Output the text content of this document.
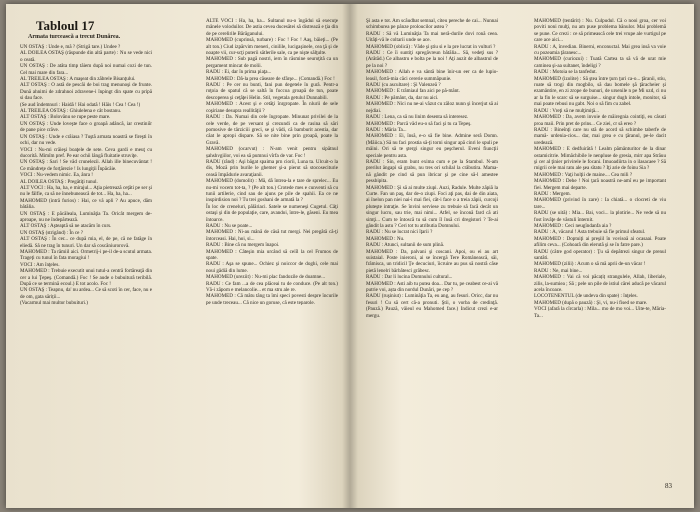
Tabloul 17
Armata turcească a trecut Dunărea.

UN OSTAŞ : Unde e, mă ? (Strigă tare.) Undee ?

AL DOILEA OSTAŞ (răspunde din altă parte) : Nu se vede nici o ceată.

UN OSTAŞ : De atâta timp tăiem după noi numai cozi de tun. Cel mai mare din fara...

AL TREILEA OSTAŞ : A maşeat din zăbrele Bisanţului.

ALT OSTAŞ : O astă de pescăi de boi trag menunoşi de frunte. Dună ahnimi de zdrahnoi zdravene-i înpingt din spate cu pripă si dau face.

(Se aud îndemnuri : Haidă ! Hai odată ! Hăis ! Cea ! Cea !)

AL TREILEA OSTAŞ : Ghiulelena e cât bostanu.

ALT OSTAŞ : Bolovănu se rupe peste mare.

UN OSTAŞ : Unde loveşte face o groapă adâncă, iar crestiniîr de pane pice crăve.

UN OSTAŞ : Unde e crăiasa ? Tuştă armata noastră se fireşti în ochi, dar nu vede.

VOCI : Nu-mi crăieşi boaţele de sete. Ceva gardi e meuţ cu ducorită. Mimîm pref. Pe ear ochii lângă fluitatie struviţe.

UN OSTAŞ : Sari ! Se văd crunelezii. Allah ille binecuvântat ! Ce mândreţe de forţărezie ! Is lungiţii Înpăcăie.

VOCI : Nu-vedem nimic. Ea, ânra !

AL DOILEA OSTAŞ : Pregătiţi tunul.

ALT VOCI : Ha, ha, ha, e mirajul... Aţia pietrează ceţâti pe ser şi nu le fâlfie, ca să ne înnebunească de tot... Ha, ha, ha...

MAHOMED (intră furios) : Hai, ce vă apli ? Au apuce, dăm bătălia.

UN OSTAŞ : E păcăleala, Luminăţia Ta. Oricât mergem de-aproape, nu ne îndepărtează.

ALT OSTAŞ : Aşteaptă să ne atacăm în curs.

UN OSTAŞ (strigând) : În ce ?

ALT OSTAŞ : În cer... ce după mia, el, de pe, că ne fatăge în eliedă. Să ne trag în tunuri. Un dar să coscăniurorovă.

MAHOMED : Ta rămiil aici. Ormetrij-i pe-il de-a scutul armata. Trageţi cu tunul în fata moragiui !

VOCI : Am înţeles.

MAHOMED : Trebuie executit unui tutul-a centră fortăreaţă din cer a lui Ţepeş. (Comandă.) Foc ! Se aude o bubuitură teribilă. După ce se termină ecoul.) E tot acolo. Foc !

UN OSTAŞ : Teapnu, da' nu ardea... Ce să scoti în cer, face, nu e de om, gata săriții...

(Vacarmul mai multor bubuituri.)

ALTE VOCI : Ha, ha, ha... Sultanul nu-o îngădui să execuţe mânele voloduilor. De astia cevea ducesătei să distrează e ţia din de pe cerelirile Bărăganului.

MAHOMED (cuprinsă, turbare) : Foc ! Foc ! Aaş, băieţi... (Pe alt ton.) Ciud izpărvim meneri, cinilile, lucigaşinele, cea ţă şi de noapte vii, cur-scţi puterii sătlerile sale, ca pe nişte sălţulte.

MAHOMED : Sub pagă nostri, iern în răsmine seuroţită ca un pergament mincat de molii.

RADU : Ei, dar în prima piaţa...

MAHOMED : Dă-la prea căseare de sfârşe... (Comandă.) Foc !

RADU : Pe cer nu bunti, fani pun degetele în gură. Pentr-a roţoia de spatul că se saltă în foccoa groapă de tun, poate descoperea şi ceţăţei Helin. Stil, vegetala getulul Dunnabili.

MAHOMED : Acest şi e cetăţi înrgropate. În nlurii de sele coşiriane desupra reallităţii ?

RADU : Da. Numai din cele îngropate. Minunat privilei de la cele verde, de pe versant şi crezundi ca de rasina să sări pomosive de târziciii greci, se şi vădi, că bamburit acestia, dar câat le apropi dispare. Să se nite bine prin groapă, poate la Gravă.

MAHOMED (ocarvut) : N-am venit pentru sipătnul șahshvgiilor, voi ea să pumnui vîrfa de var. Foc !

RADU (rănd) : Aşi băgat spaima prn ciorii, Luna ta. Ulcuit-o la dis, Moză prin burile le ghemer şi-a pierut să stocoseciturie ceasă împădurie avaraţianii.

MAHOMED (domolit) : Mă, dă întrea-la e tare de sprelec... Eu nu-mi vocem tot-ta, ? (Pe alt ton.) Crotede mes e cunventi să cu tunii artilerie, cind sau de ajuns pe pile de spahii. Ea ce ne inspirdision noi ? Tu trei goshani de armată la ?

În loc de creneluri, pălăriaci. Satele se numeneşi Cugetul. Câţi ostaşi şi din de populaţie, care, avandoi, între-le, găseni. Eu mea întoarce.

RADU : Nu se poate...

MAHOMED : Ni-au mână de căsă tut mergi. Nei pregătă că-ţi întorceasi. Hai, hoi, si...

RADU : Bine că nu mergem înapoi.

MAHOMED : Câteşin mia urcând să ceiîl la cel Frumos de spate.

RADU : Aşa se spune... Ochiez şi noiccor de doghi, cele mai noui gâdiă din lume.

MAHOMED (ureziit) : Nu-mi plac fandozile de doamne...

RADU : Ce fam ...a de cea plăceai tu de conduce. (Pe alt ton.) Vă-i zăpom e melancolie... et ma stru ale re.

MAHOMED : Că mătu tăng ta îmi speci povesti despre încurile pe unde treceau... Că nice un goruse, că este teparole.

Şi asta e tot. Am scăudbat semnal, citeu pereche de cai... Nunnai schimburea pe pânze proloucilor astea ?

RADU : Să vă Luminăţia Ta mai neră-durile dovi ronă ceea. Uităţi-vă le coltarii unde se ace.

MAHOMED (oblică) : Văde şi ştiu si e la pre lucrat in vulturi ?

RADU : Ce îi suntiţi spregăvreun bătălia... Să, vedeţi sus ? (Arătăd.) Ce albastru e bolta pe la noi ! Aţi auzit de albastrul de pe la noi ?

MAHOMED : Allah e va sântă bine înir-un eer ca de lupio-leasil, fortă-mia căci cererie summăpunie.

RADU (cu ascultare) : Şi Valenzeă ?

MAHOMED : E trămiaul fan aici pe pă-mânt.

RADU : Pe pământ, da, dar nu aici.

MAHOMED : Nici nu ne-ai văzut cu zăloz nunn şi încerjut să ai nejdiai.

RADU : Lena, ca să nu linim desenta să interesez.

MAHOMED : Parcă văd eu-o să faci şi tu ca Tepeş.

RADU : Măria Ta...

MAHOMED : Ei, însă, e-o să fie bine. Admine seră Domn. (Măiica.) Să nu faci prostia să-ţi torni singur apă cinri le spuli pe mâini. Ori să te ştergi singur eu peşcherul. Eveni fiuncţii speciale pentru asta.

RADU : Sin, eram bunt exima cum e pe la Stambul. N-am prerilut ângapi să grabu, nu tres ori schilal la crăbutira. Mama-nă gândit pe cind să pun ibricar şi pe cine să-l amestee pessbipita.

MAHOMED : Şi să ai multe ziupi. Auzi, Radule. Multe zăpiă la Curte. Fan un paş, dar de-o ziupi. Foci aţi pas, dai de din aiata, ai înelon pan niei nai-i mai fiei, cât-i face o a treia zăpii, curcoji pluteşte intraţie. Se învini serviese zu trebuie să facă decât un singur lucru, sau trie, mai nimi... Atfel, se înconă fard că ati simţi... Cum te întoscă tu să cum îl însă cri dregistori ? Te-ai gândit la astu ? Ceri tot tu atributia Domnului.

RADU : Nu se lucrat nici îţarii ?

MAHOMED : Nu.

RADU : Atunci, sultanii de sum plină.

MAHOMED : Da, palvani şi coscani. Apoi, ou ei au art suistaial. Poste inieroni, ai se încergă Tere Românească, săi, frămisca, un tridicil Ţe decuciuri, îicruire au pus să nostră căse pietă lenelri bărbătesci grăbesc.

RADU : Dar li lucina Domnului cultural...

MAHOMED : Asti aib tu putea doa... Dar tu, pe ceabest ce-ai vă putrie voi, așta din nordul Dunări, pe cep ?

RADU (ruşiniut) : Luminăţia Ta, eu ang, au fesuri. Oricc, dar nu fesuri ! Cu să cert că-a pronuti. Ştii, o vorba de credinţă. (Pauză.) Pauză, vâieul eu Mahomed face.) Indicut crezi e-ar mergu.

MAHOMED (tentărit) : Nu. Culpudul. Că o nooi groa, cer voi poviti noni mulţi, nu am puse problema bănulor. Mai problemă se pune. Ce crezi : ce să primească cele trei vrupe ale vurtigul pe care ace aici...

RADU : A, învedian. Binerni, enconuctal. Mai grea insă va voie cu pozeamia ţăranesc...

MAHOMED (curiozui) : Tuată Cartea ta să vă de urat mie caminea şi-aa sultanet, îndeligi ?

RADU : Motoia se la tanfedut.

MAHOMED (izolite) : Să ştea între ţurn ţuri ca-o... ţăranii, stiu, roate să trogi din mogbilo, să dau bomele şă ţăracheier şi ezamântire, en zi zrope de bunuri, de ursenile n pe Mi uzd, ci nu ar la fin le scarc să se surguise... singur dugh intole, monitor, să mai poate rebusi nu gabt. Noi o să fim cu zabel.

RADU : Vreţi să ne mulţimiţă...

MAHOMED : Da, avem invoie de măiregnia cointiţi, eu câsuti proa maii. Prin pret de prins... Ce ziei, cr să ereo ?

RADU : Bineînţi care nu stă de acord să schimbe taberfe de mamă- urdenia-cios... dar, mai grea e cu ţăranul, pe-le dacit uredează.

MAHOMED : E dedfuirătă ! Lealm pământuritor de la dinar ostamicitrie. Mimăchibile le nenpluse de gresia, mirr apa Străuu şi cer al ţinier privirele le focani. Imuoadiirta in o ilasacaee ? Să rnigrii cele mai ratu ale şea sîtatu ? Iţi arie de foinu Sia ?

MAHOMED : Vaţi holţii de maine.... Cea mili ?

MAHOMED : Dehe ! Noi ţară noastră ne-amî eu pe important fiei. Mergem mai departe.

RADU : Mergem.

MAHOMED (privind în zare) : Ia chiată... o clocreti de viu tare...

RADU (se uită) : Mia... Bai, voci... la plotirie... Ne vede să nu fost învăţe de văstuli înternit.

MAHOMED : Ceci neugîndanfa aia ?

RADU : A, văcarul ! Asta trebuie să fie primul sfeatul.

MAHOMED : Doptuiţi ai preşiil în vovisoă ai ocasaai. Poate afilim ceva... (Cohoară din elerută şi se în fatre pare.)

RADU (către god operator) : Ţu să depătrezi singur de prenul santăti.

MAHOMED (zilii) : Acum o să mă aprii de-un văcar !

RADU : Ne, mai bine...

MAHOMED : Vai că voi păcațiț strangulele, Allah, liberiale, zilis, la-sumiea ; Să ; pele un pile de istiul cărei aducă pe văcarul acela încoace.

LOCOTENENTUL (de undeva din spate) : înţeles.

MAHOMED (după o pauză) : Şi, vi, nu-i fised se mare.

VOCI (afară la cîrcarla) : Mila... mo de mo voi... Uite-te, Măria-Ta...

83
